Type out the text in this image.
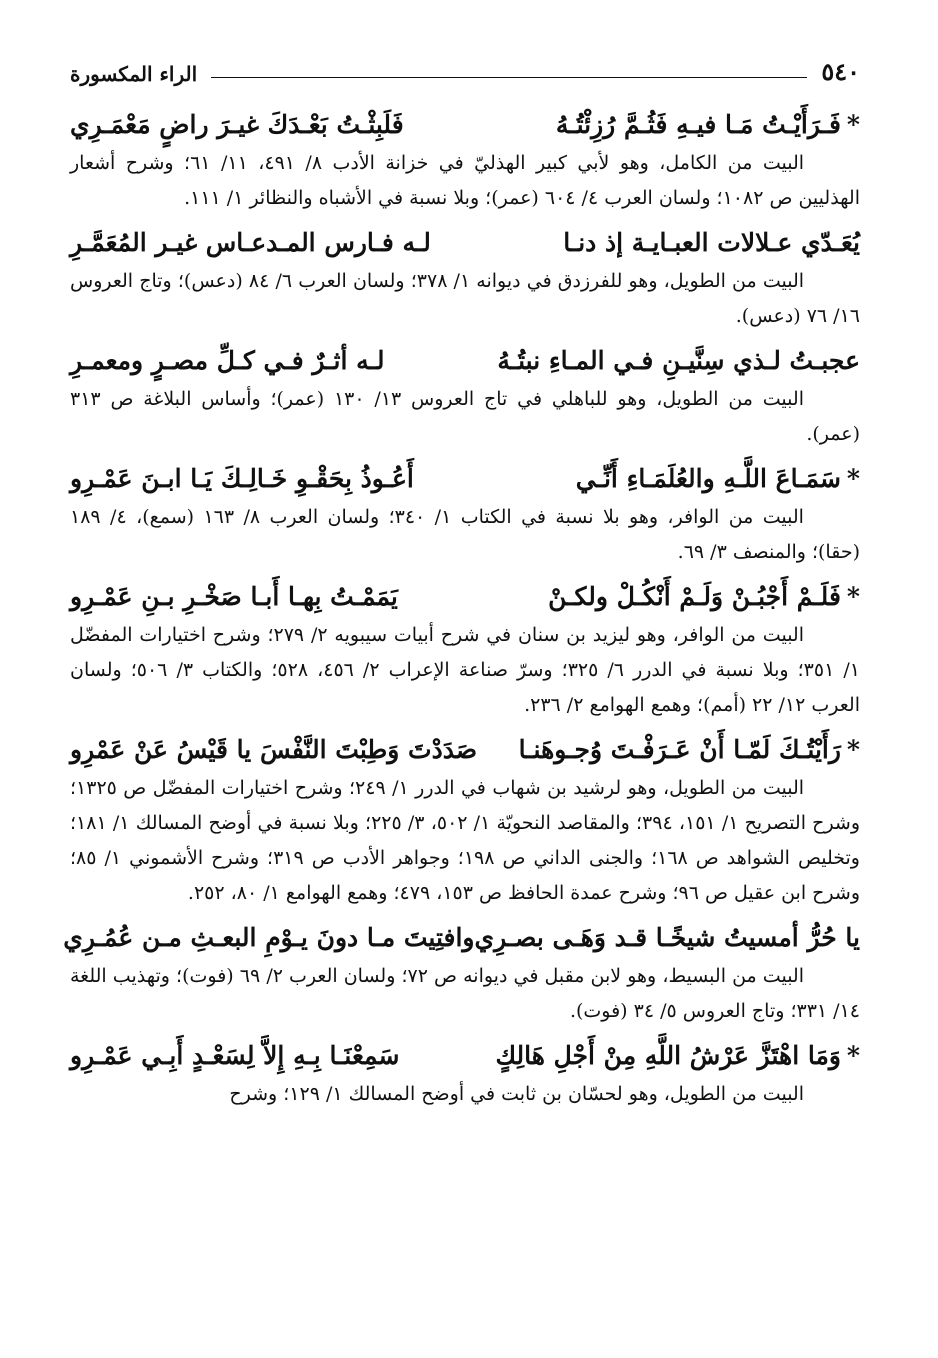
٥٤٠
الراء المكسورة
*فَـرَأَيْـتُ مَـا فيـهِ فَثُـمَّ رُزِئْتُـهُ
فَلَبِثْـتُ بَعْـدَكَ غيـرَ راضٍ مَعْمَـرِي

البيت من الكامل، وهو لأبي كبير الهذليّ في خزانة الأدب ٨/ ٤٩١، ١١/ ٦١؛ وشرح أشعار الهذليين ص ١٠٨٢؛ ولسان العرب ٤/ ٦٠٤ (عمر)؛ وبلا نسبة في الأشباه والنظائر ١/ ١١١.

يُعَـدّي عـلالات العبـايـة إذ دنـا
لـه فـارس المـدعـاس غيـر المُعَمَّـرِ

البيت من الطويل، وهو للفرزدق في ديوانه ١/ ٣٧٨؛ ولسان العرب ٦/ ٨٤ (دعس)؛ وتاج العروس ١٦/ ٧٦ (دعس).

عجبـتُ لـذي سِنَّيـنِ فـي المـاءِ نبتُـهُ
لـه أثـرٌ فـي كـلِّ مصـرٍ ومعمـرِ

البيت من الطويل، وهو للباهلي في تاج العروس ١٣/ ١٣٠ (عمر)؛ وأساس البلاغة ص ٣١٣ (عمر).

*سَمَـاعَ اللَّـهِ والعُلَمَـاءِ أَنِّـي
أَعُـوذُ بِحَقْـوِ خَـالِـكَ يَـا ابـنَ عَمْـرِو

البيت من الوافر، وهو بلا نسبة في الكتاب ١/ ٣٤٠؛ ولسان العرب ٨/ ١٦٣ (سمع)، ٤/ ١٨٩ (حقا)؛ والمنصف ٣/ ٦٩.

*فَلَـمْ أَجْبُـنْ وَلَـمْ أَنْكُـلْ ولكـنْ
يَمَمْـتُ بِهـا أَبـا صَخْـرِ بـنِ عَمْـرِو

البيت من الوافر، وهو ليزيد بن سنان في شرح أبيات سيبويه ٢/ ٢٧٩؛ وشرح اختيارات المفضّل ١/ ٣٥١؛ وبلا نسبة في الدرر ٦/ ٣٢٥؛ وسرّ صناعة الإعراب ٢/ ٤٥٦، ٥٢٨؛ والكتاب ٣/ ٥٠٦؛ ولسان العرب ١٢/ ٢٢ (أمم)؛ وهمع الهوامع ٢/ ٢٣٦.

*رَأَيْتُـكَ لَمّـا أَنْ عَـرَفْـتَ وُجـوهَنـا
صَدَدْتَ وَطِبْتَ النَّفْسَ يا قَيْسُ عَنْ عَمْرِو

البيت من الطويل، وهو لرشيد بن شهاب في الدرر ١/ ٢٤٩؛ وشرح اختيارات المفضّل ص ١٣٢٥؛ وشرح التصريح ١/ ١٥١، ٣٩٤؛ والمقاصد النحويّة ١/ ٥٠٢، ٣/ ٢٢٥؛ وبلا نسبة في أوضح المسالك ١/ ١٨١؛ وتخليص الشواهد ص ١٦٨؛ والجنى الداني ص ١٩٨؛ وجواهر الأدب ص ٣١٩؛ وشرح الأشموني ١/ ٨٥؛ وشرح ابن عقيل ص ٩٦؛ وشرح عمدة الحافظ ص ١٥٣، ٤٧٩؛ وهمع الهوامع ١/ ٨٠، ٢٥٢.

يا حُرُّ أمسيتُ شيخًـا قـد وَهَـى بصـرِي
وافتِيتَ مـا دونَ يـوْمِ البعـثِ مـن عُمُـرِي

البيت من البسيط، وهو لابن مقبل في ديوانه ص ٧٢؛ ولسان العرب ٢/ ٦٩ (فوت)؛ وتهذيب اللغة ١٤/ ٣٣١؛ وتاج العروس ٥/ ٣٤ (فوت).

*وَمَا اهْتَزَّ عَرْشُ اللَّهِ مِنْ أَجْلِ هَالِكٍ
سَمِعْنَـا بِـهِ إِلاَّ لِسَعْـدٍ أَبِـي عَمْـرِو

البيت من الطويل، وهو لحسّان بن ثابت في أوضح المسالك ١/ ١٢٩؛ وشرح
